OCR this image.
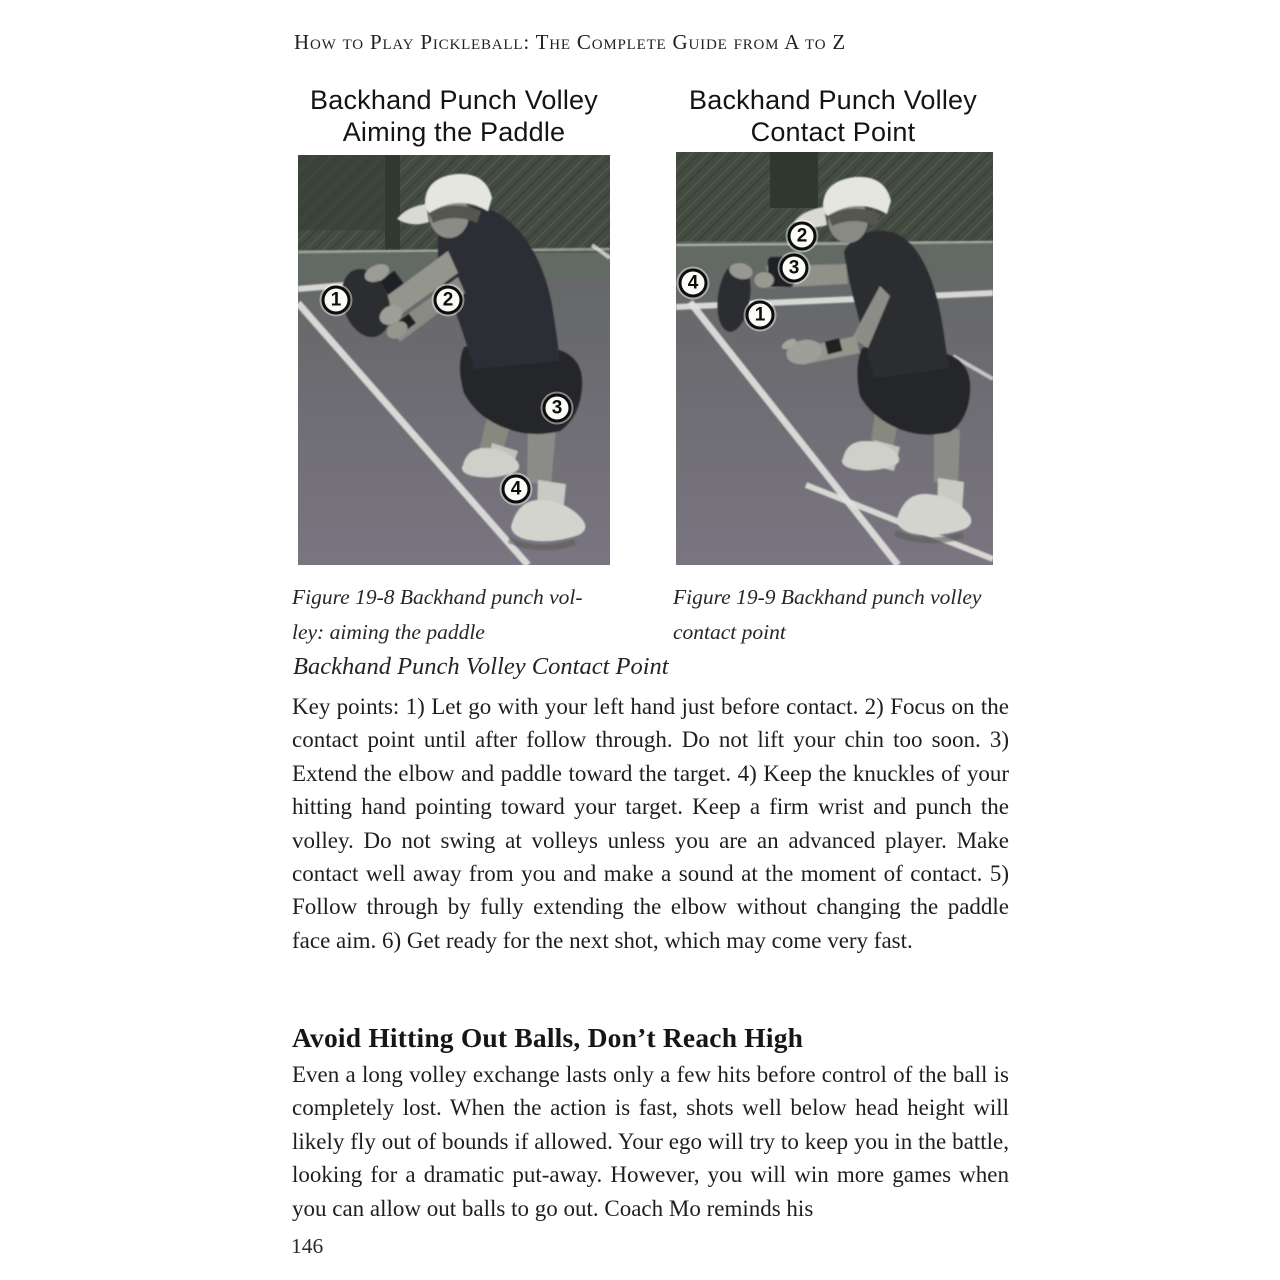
How to Play Pickleball: The Complete Guide from A to Z
Backhand Punch Volley
Aiming the Paddle
Backhand Punch Volley
Contact Point
1	2
3
4
2
3
4
1
Figure 19-8 Backhand punch vol-
ley: aiming the paddle
Figure 19-9 Backhand punch volley
contact point
Backhand Punch Volley Contact Point
Key points: 1) Let go with your left hand just before contact. 2) Focus on the contact point until after follow through. Do not lift your chin too soon. 3) Extend the elbow and paddle toward the target. 4) Keep the knuckles of your hitting hand pointing toward your target. Keep a firm wrist and punch the volley. Do not swing at volleys unless you are an advanced player. Make contact well away from you and make a sound at the moment of contact. 5) Follow through by fully extending the elbow without changing the paddle face aim. 6) Get ready for the next shot, which may come very fast.
Avoid Hitting Out Balls, Don’t Reach High
Even a long volley exchange lasts only a few hits before control of the ball is completely lost. When the action is fast, shots well below head height will likely fly out of bounds if allowed. Your ego will try to keep you in the battle, looking for a dramatic put-away. However, you will win more games when you can allow out balls to go out. Coach Mo reminds his
146
